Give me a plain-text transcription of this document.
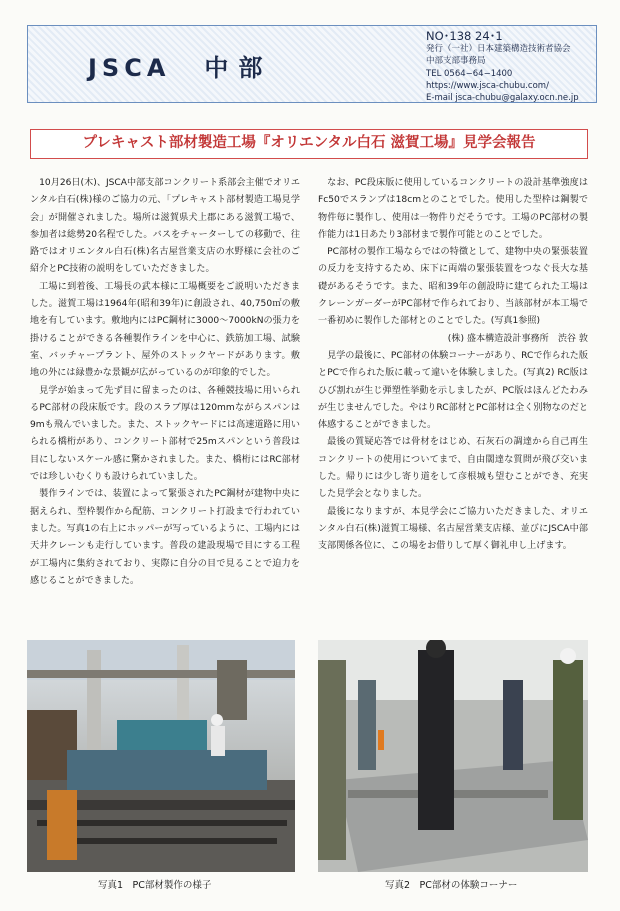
JSCA 中部
NO･138 24･1
発行（一社）日本建築構造技術者協会
中部支部事務局
TEL 0564−64−1400
https://www.jsca-chubu.com/
E-mail jsca-chubu@galaxy.ocn.ne.jp
プレキャスト部材製造工場『オリエンタル白石 滋賀工場』見学会報告

10月26日(木)、JSCA中部支部コンクリート系部会主催でオリエンタル白石(株)様のご協力の元、「プレキャスト部材製造工場見学会」が開催されました。場所は滋賀県犬上郡にある滋賀工場で、参加者は総勢20名程でした。バスをチャーターしての移動で、往路ではオリエンタル白石(株)名古屋営業支店の水野様に会社のご紹介とPC技術の説明をしていただきました。

工場に到着後、工場長の武本様に工場概要をご説明いただきました。滋賀工場は1964年(昭和39年)に創設され、40,750㎡の敷地を有しています。敷地内にはPC鋼材に3000〜7000kNの張力を掛けることができる各種製作ラインを中心に、鉄筋加工場、試験室、バッチャープラント、屋外のストックヤードがあります。敷地の外には緑豊かな景観が広がっているのが印象的でした。

見学が始まって先ず目に留まったのは、各種競技場に用いられるPC部材の段床版です。段のスラブ厚は120mmながらスパンは9mも飛んでいました。また、ストックヤードには高速道路に用いられる橋桁があり、コンクリート部材で25mスパンという普段は目にしないスケール感に驚かされました。また、橋桁にはRC部材では珍しいむくりも設けられていました。

製作ラインでは、装置によって緊張されたPC鋼材が建物中央に据えられ、型枠製作から配筋、コンクリート打設まで行われていました。写真1の右上にホッパーが写っているように、工場内には天井クレーンも走行しています。普段の建設現場で目にする工程が工場内に集約されており、実際に自分の目で見ることで迫力を感じることができました。

なお、PC段床版に使用しているコンクリートの設計基準強度はFc50でスランプは18cmとのことでした。使用した型枠は鋼製で物件毎に製作し、使用は一物件りだそうです。工場のPC部材の製作能力は1日あたり3部材まで製作可能とのことでした。

PC部材の製作工場ならではの特徴として、建物中央の緊張装置の反力を支持するため、床下に両端の緊張装置をつなぐ長大な基礎があるそうです。また、昭和39年の創設時に建てられた工場はクレーンガーダーがPC部材で作られており、当該部材が本工場で一番初めに製作した部材とのことでした。(写真1参照)

(株) 盛本構造設計事務所　渋谷 敦

見学の最後に、PC部材の体験コーナーがあり、RCで作られた版とPCで作られた版に載って違いを体験しました。(写真2) RC版はひび割れが生じ弾塑性挙動を示しましたが、PC版はほんどたわみが生じませんでした。やはりRC部材とPC部材は全く別物なのだと体感することができました。

最後の質疑応答では骨材をはじめ、石灰石の調達から自己再生コンクリートの使用についてまで、自由闊達な質問が飛び交いました。帰りには少し寄り道をして彦根城も望むことができ、充実した見学会となりました。

最後になりますが、本見学会にご協力いただきました、オリエンタル白石(株)滋賀工場様、名古屋営業支店様、並びにJSCA中部支部関係各位に、この場をお借りして厚く御礼申し上げます。

写真1　PC部材製作の様子	写真2　PC部材の体験コーナー
